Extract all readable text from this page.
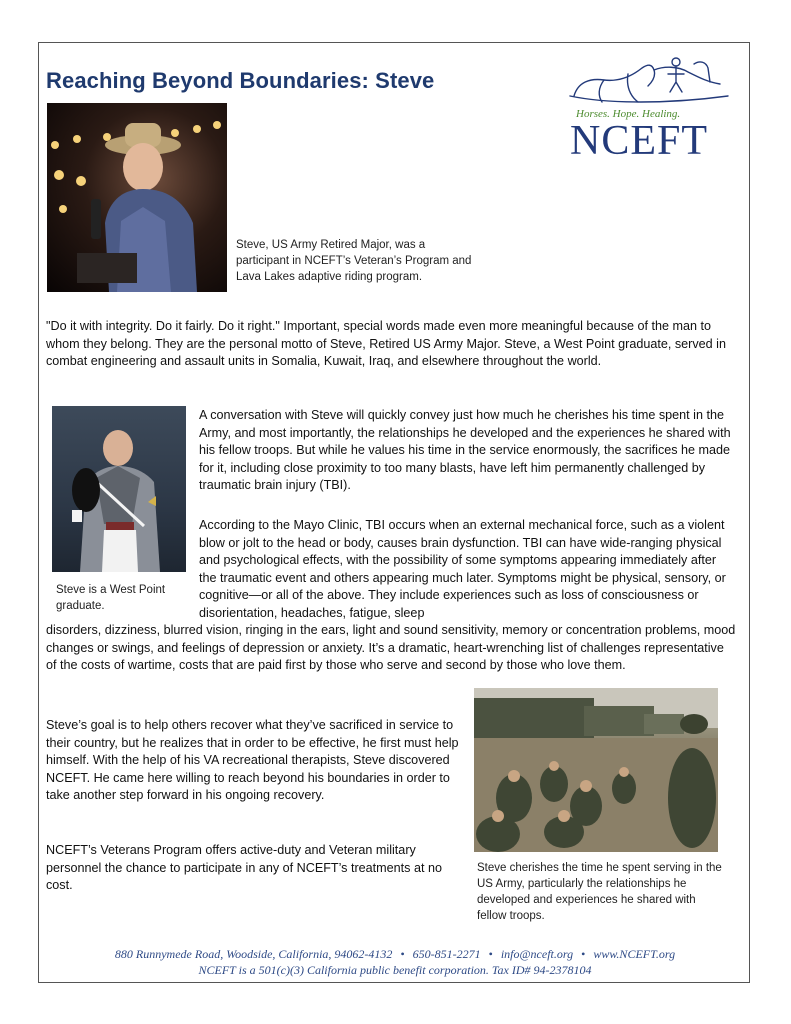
Reaching Beyond Boundaries: Steve
Horses. Hope. Healing.
NCEFT
Steve, US Army Retired Major, was a participant in NCEFT’s Veteran’s Program and Lava Lakes adaptive riding program.

"Do it with integrity. Do it fairly. Do it right." Important, special words made even more meaningful because of the man to whom they belong. They are the personal motto of Steve, Retired US Army Major. Steve, a West Point graduate, served in combat engineering and assault units in Somalia, Kuwait, Iraq, and elsewhere throughout the world.

Steve is a West Point graduate.

A conversation with Steve will quickly convey just how much he cherishes his time spent in the Army, and most importantly, the relationships he developed and the experiences he shared with his fellow troops. But while he values his time in the service enormously, the sacrifices he made for it, including close proximity to too many blasts, have left him permanently challenged by traumatic brain injury (TBI).

According to the Mayo Clinic, TBI occurs when an external mechanical force, such as a violent blow or jolt to the head or body, causes brain dysfunction. TBI can have wide-ranging physical and psychological effects, with the possibility of some symptoms appearing immediately after the traumatic event and others appearing much later. Symptoms might be physical, sensory, or cognitive—or all of the above. They include experiences such as loss of consciousness or disorientation, headaches, fatigue, sleep

disorders, dizziness, blurred vision, ringing in the ears, light and sound sensitivity, memory or concentration problems, mood changes or swings, and feelings of depression or anxiety. It’s a dramatic, heart-wrenching list of challenges representative of the costs of wartime, costs that are paid first by those who serve and second by those who love them.

Steve’s goal is to help others recover what they’ve sacrificed in service to their country, but he realizes that in order to be effective, he first must help himself. With the help of his VA recreational therapists, Steve discovered NCEFT. He came here willing to reach beyond his boundaries in order to take another step forward in his ongoing recovery.

NCEFT’s Veterans Program offers active-duty and Veteran military personnel the chance to participate in any of NCEFT’s treatments at no cost.

Steve cherishes the time he spent serving in the US Army, particularly the relationships he developed and experiences he shared with fellow troops.
880 Runnymede Road, Woodside, California, 94062-4132 • 650-851-2271 • info@nceft.org • www.NCEFT.org
NCEFT is a 501(c)(3) California public benefit corporation. Tax ID# 94-2378104
